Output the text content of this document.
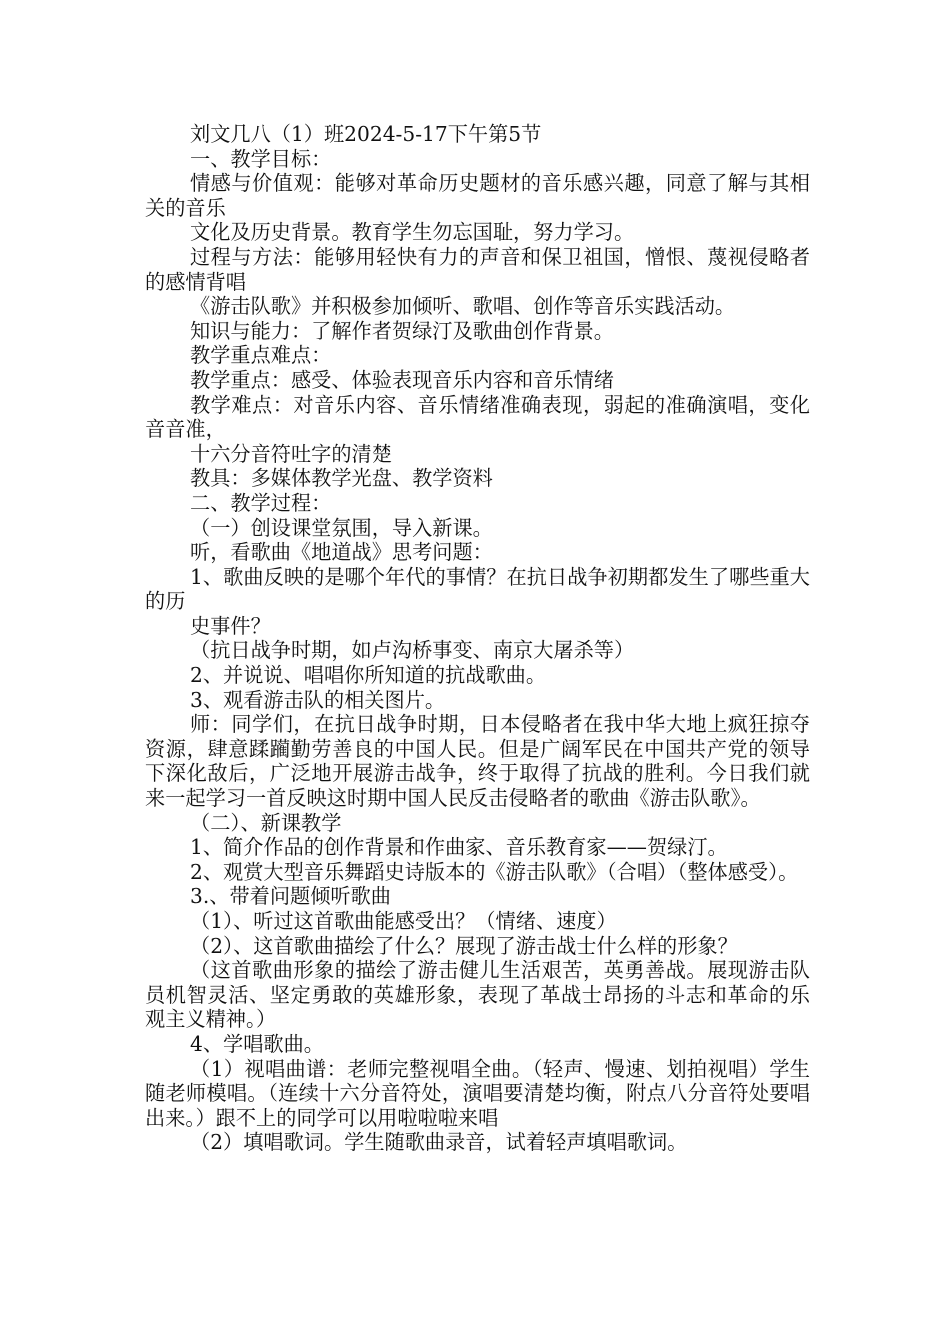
刘文几八（1）班2024-5-17下午第5节

一、教学目标：

情感与价值观：能够对革命历史题材的音乐感兴趣，同意了解与其相关的音乐

文化及历史背景。教育学生勿忘国耻，努力学习。

过程与方法：能够用轻快有力的声音和保卫祖国，憎恨、蔑视侵略者的感情背唱

《游击队歌》并积极参加倾听、歌唱、创作等音乐实践活动。

知识与能力：了解作者贺绿汀及歌曲创作背景。

教学重点难点：

教学重点：感受、体验表现音乐内容和音乐情绪

教学难点：对音乐内容、音乐情绪准确表现，弱起的准确演唱，变化音音准，

十六分音符吐字的清楚

教具：多媒体教学光盘、教学资料

二、教学过程：

（一）创设课堂氛围，导入新课。

听，看歌曲《地道战》思考问题：

1、歌曲反映的是哪个年代的事情？在抗日战争初期都发生了哪些重大的历

史事件？

（抗日战争时期，如卢沟桥事变、南京大屠杀等）

2、并说说、唱唱你所知道的抗战歌曲。

3、观看游击队的相关图片。

师：同学们，在抗日战争时期，日本侵略者在我中华大地上疯狂掠夺资源，肆意蹂躏勤劳善良的中国人民。但是广阔军民在中国共产党的领导下深化敌后，广泛地开展游击战争，终于取得了抗战的胜利。今日我们就来一起学习一首反映这时期中国人民反击侵略者的歌曲《游击队歌》。

（二）、新课教学

1、简介作品的创作背景和作曲家、音乐教育家——贺绿汀。

2、观赏大型音乐舞蹈史诗版本的《游击队歌》（合唱）（整体感受）。

3.、带着问题倾听歌曲

（1）、听过这首歌曲能感受出？（情绪、速度）

（2）、这首歌曲描绘了什么？展现了游击战士什么样的形象？

（这首歌曲形象的描绘了游击健儿生活艰苦，英勇善战。展现游击队员机智灵活、坚定勇敢的英雄形象，表现了革战士昂扬的斗志和革命的乐观主义精神。）

4、学唱歌曲。

（1）视唱曲谱：老师完整视唱全曲。（轻声、慢速、划拍视唱）学生随老师模唱。（连续十六分音符处，演唱要清楚均衡，附点八分音符处要唱出来。）跟不上的同学可以用啦啦啦来唱

（2）填唱歌词。学生随歌曲录音，试着轻声填唱歌词。
